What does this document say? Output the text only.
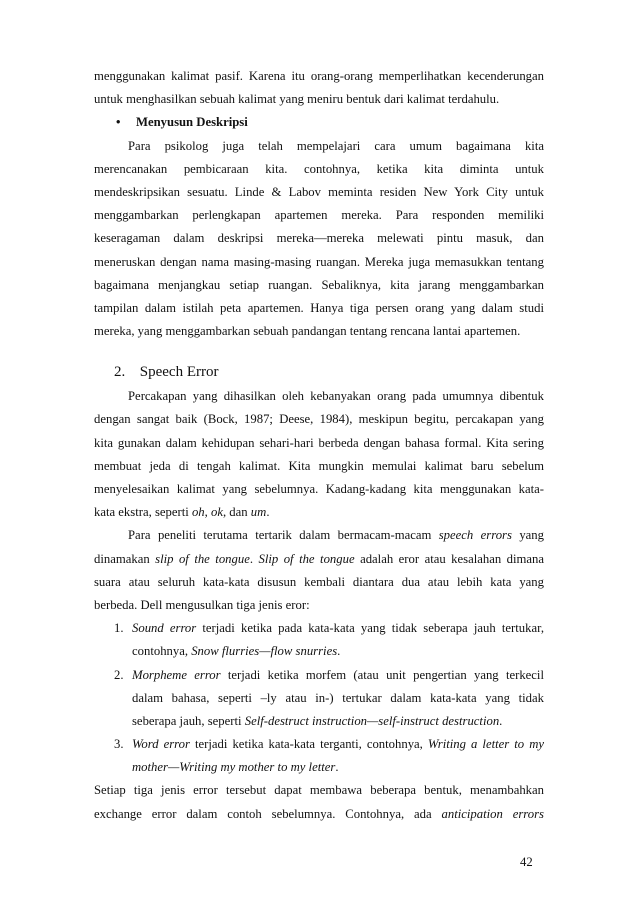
menggunakan kalimat pasif. Karena itu orang-orang memperlihatkan kecenderungan
untuk menghasilkan sebuah kalimat yang meniru bentuk dari kalimat terdahulu.
• Menyusun Deskripsi
Para psikolog juga telah mempelajari cara umum bagaimana kita
merencanakan pembicaraan kita. contohnya, ketika kita diminta untuk
mendeskripsikan sesuatu. Linde & Labov meminta residen New York City untuk
menggambarkan perlengkapan apartemen mereka. Para responden memiliki
keseragaman dalam deskripsi mereka—mereka melewati pintu masuk, dan
meneruskan dengan nama masing-masing ruangan. Mereka juga memasukkan tentang
bagaimana menjangkau setiap ruangan. Sebaliknya, kita jarang menggambarkan
tampilan dalam istilah peta apartemen. Hanya tiga persen orang yang dalam studi
mereka, yang menggambarkan sebuah pandangan tentang rencana lantai apartemen.
2. Speech Error
Percakapan yang dihasilkan oleh kebanyakan orang pada umumnya dibentuk
dengan sangat baik (Bock, 1987; Deese, 1984), meskipun begitu, percakapan yang
kita gunakan dalam kehidupan sehari-hari berbeda dengan bahasa formal. Kita sering
membuat jeda di tengah kalimat. Kita mungkin memulai kalimat baru sebelum
menyelesaikan kalimat yang sebelumnya. Kadang-kadang kita menggunakan kata-
kata ekstra, seperti oh, ok, dan um.
Para peneliti terutama tertarik dalam bermacam-macam speech errors yang
dinamakan slip of the tongue. Slip of the tongue adalah eror atau kesalahan dimana
suara atau seluruh kata-kata disusun kembali diantara dua atau lebih kata yang
berbeda. Dell mengusulkan tiga jenis eror:
1. Sound error terjadi ketika pada kata-kata yang tidak seberapa jauh tertukar,
contohnya, Snow flurries—flow snurries.
2. Morpheme error terjadi ketika morfem (atau unit pengertian yang terkecil
dalam bahasa, seperti –ly atau in-) tertukar dalam kata-kata yang tidak
seberapa jauh, seperti Self-destruct instruction—self-instruct destruction.
3. Word error terjadi ketika kata-kata terganti, contohnya, Writing a letter to my
mother—Writing my mother to my letter.
Setiap tiga jenis error tersebut dapat membawa beberapa bentuk, menambahkan
exchange error dalam contoh sebelumnya. Contohnya, ada anticipation errors
42
